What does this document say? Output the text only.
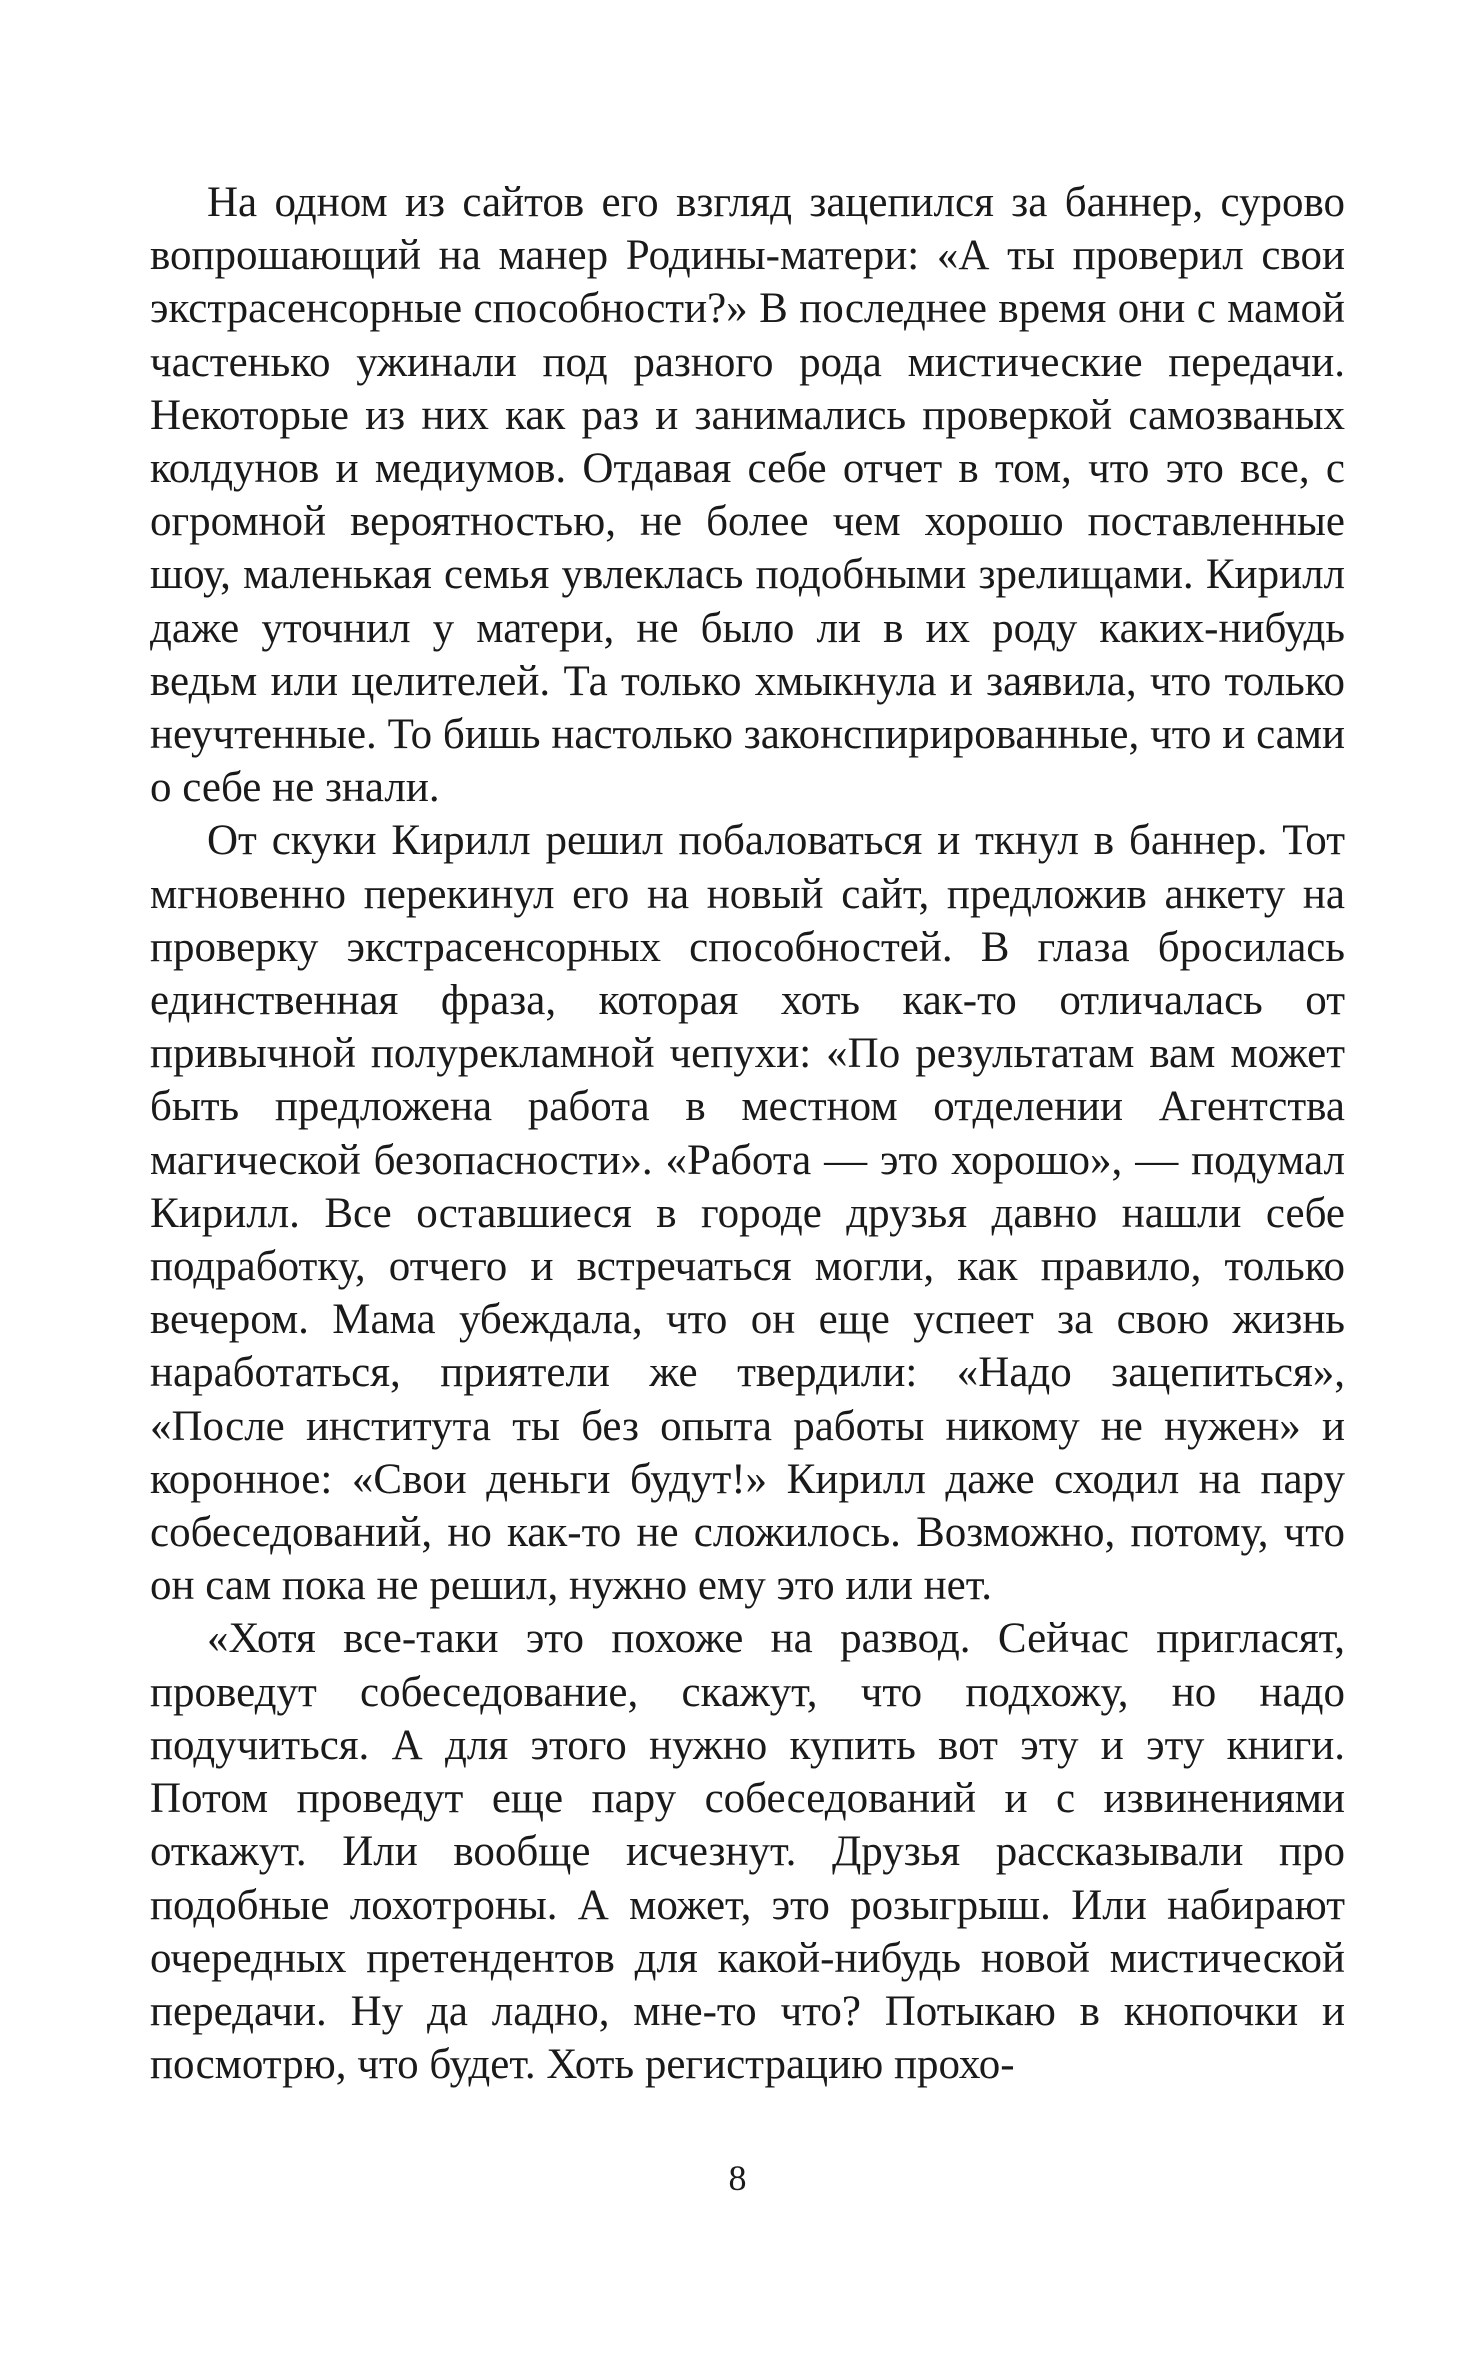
На одном из сайтов его взгляд зацепился за баннер, сурово вопрошающий на манер Родины-матери: «А ты проверил свои экстрасенсорные способности?» В последнее время они с мамой частенько ужинали под разного рода мистические передачи. Некоторые из них как раз и занимались проверкой самозваных колдунов и медиумов. Отдавая себе отчет в том, что это все, с огромной вероятностью, не более чем хорошо поставленные шоу, маленькая семья увлеклась подобными зрелищами. Кирилл даже уточнил у матери, не было ли в их роду каких-нибудь ведьм или целителей. Та только хмыкнула и заявила, что только неучтенные. То бишь настолько законспирированные, что и сами о себе не знали.

От скуки Кирилл решил побаловаться и ткнул в баннер. Тот мгновенно перекинул его на новый сайт, предложив анкету на проверку экстрасенсорных способностей. В глаза бросилась единственная фраза, которая хоть как-то отличалась от привычной полурекламной чепухи: «По результатам вам может быть предложена работа в местном отделении Агентства магической безопасности». «Работа — это хорошо», — подумал Кирилл. Все оставшиеся в городе друзья давно нашли себе подработку, отчего и встречаться могли, как правило, только вечером. Мама убеждала, что он еще успеет за свою жизнь наработаться, приятели же твердили: «Надо зацепиться», «После института ты без опыта работы никому не нужен» и коронное: «Свои деньги будут!» Кирилл даже сходил на пару собеседований, но как-то не сложилось. Возможно, потому, что он сам пока не решил, нужно ему это или нет.

«Хотя все-таки это похоже на развод. Сейчас пригласят, проведут собеседование, скажут, что подхожу, но надо подучиться. А для этого нужно купить вот эту и эту книги. Потом проведут еще пару собеседований и с извинениями откажут. Или вообще исчезнут. Друзья рассказывали про подобные лохотроны. А может, это розыгрыш. Или набирают очередных претендентов для какой-нибудь новой мистической передачи. Ну да ладно, мне-то что? Потыкаю в кнопочки и посмотрю, что будет. Хоть регистрацию прохо-

8
